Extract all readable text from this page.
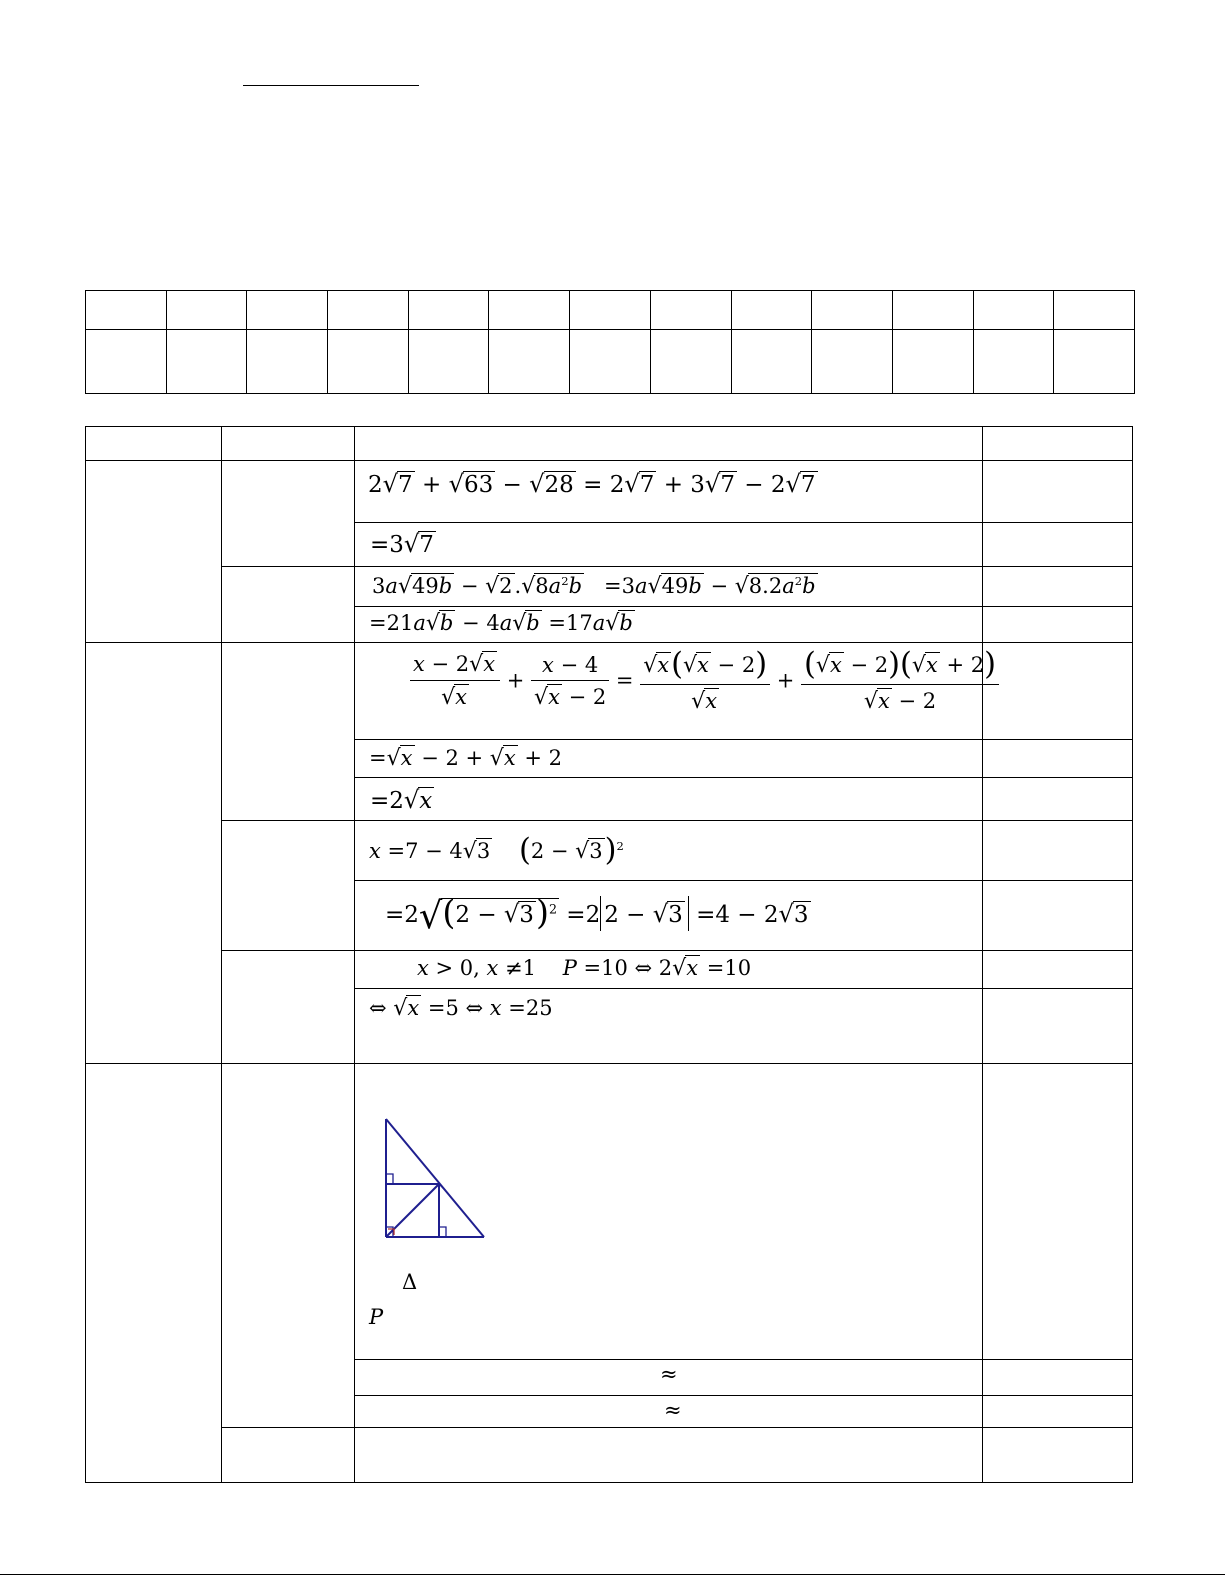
2√7 + √63 − √28 = 2√7 + 3√7 − 2√7
=3√7
$3a√49b - √2.√8a^2b =3a√49b - √8.2a^2b$
=21a√b − 4a√b =17a√b
$\frac{x - 2√x}{√x} + \frac{x - 4}{√x - 2} = \frac{√x(√x - 2)}{√x} + \frac{(√x - 2)(√x + 2)}{√x - 2}$
=√x − 2 + √x + 2
=2√x
x =7 − 4√3 $(2 - √3)^2$
$=2√(2 - √3)^2 =2$ 2 − √3 =4 − 2√3
x > 0, x ≠1    P =10 ⇔ 2√x =10
⇔ √x =5 ⇔ x =25
Δ
P
≈
≈
